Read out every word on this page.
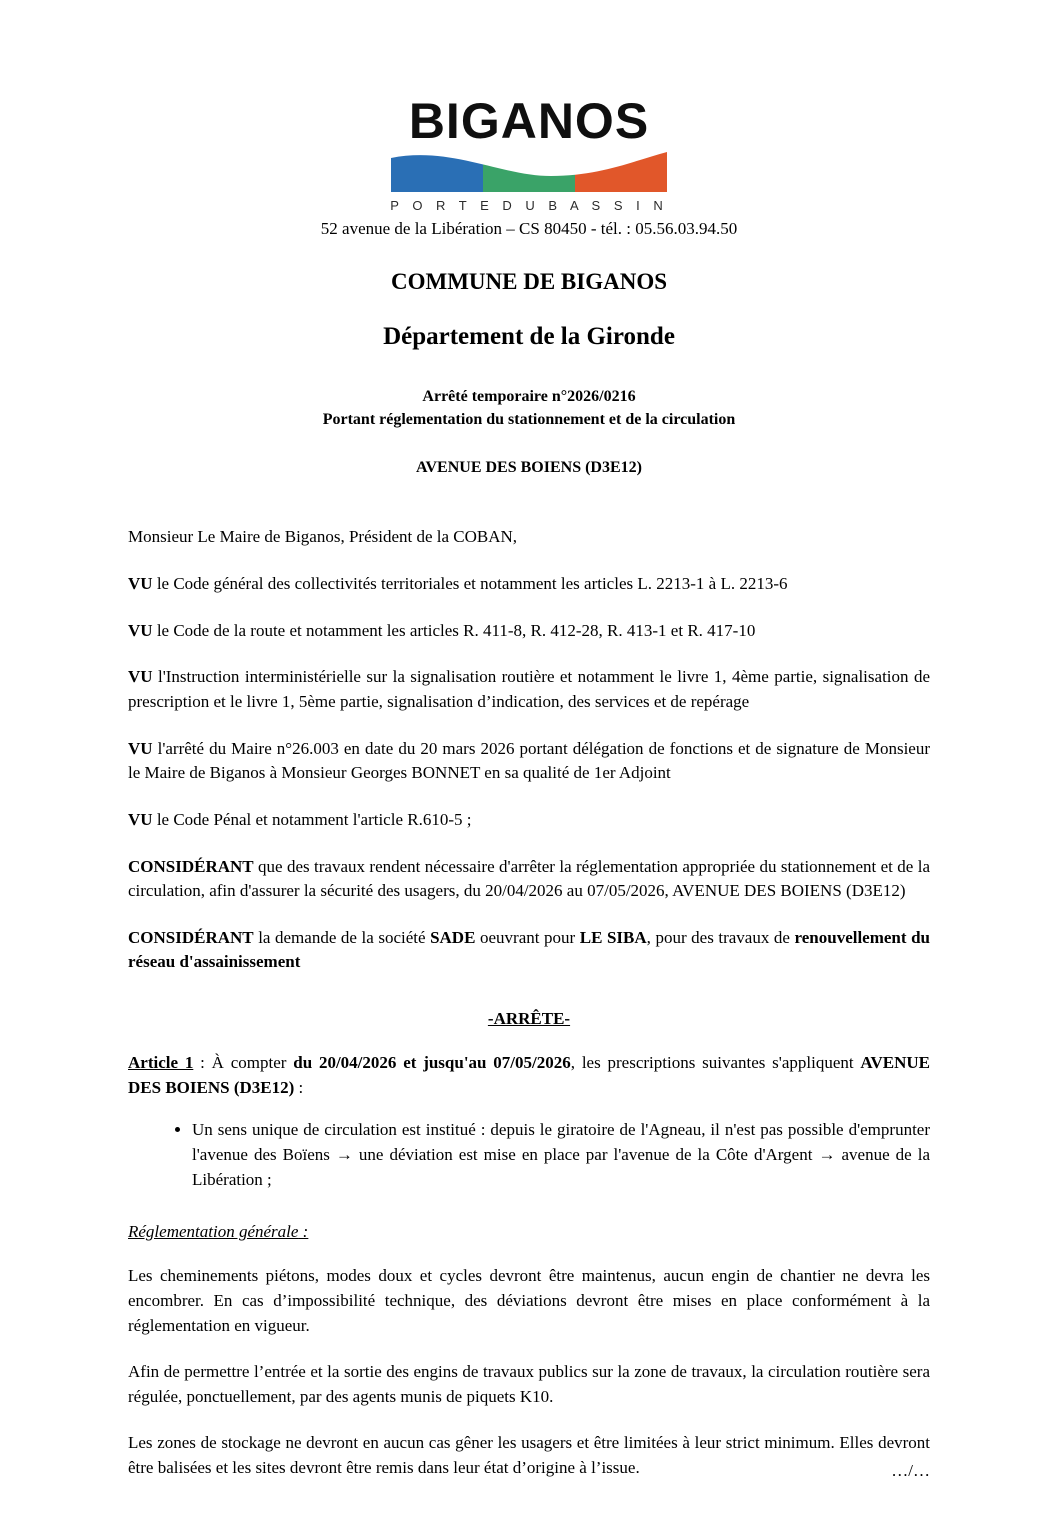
BIGANOS
P O R T E D U B A S S I N
52 avenue de la Libération – CS 80450 - tél. : 05.56.03.94.50
COMMUNE DE BIGANOS
Département de la Gironde
Arrêté temporaire n°2026/0216
Portant réglementation du stationnement et de la circulation
AVENUE DES BOIENS (D3E12)

Monsieur Le Maire de Biganos, Président de la COBAN,

VU le Code général des collectivités territoriales et notamment les articles L. 2213-1 à L. 2213-6

VU le Code de la route et notamment les articles R. 411-8, R. 412-28, R. 413-1 et R. 417-10

VU l'Instruction interministérielle sur la signalisation routière et notamment le livre 1, 4ème partie, signalisation de prescription et le livre 1, 5ème partie, signalisation d’indication, des services et de repérage

VU l'arrêté du Maire n°26.003 en date du 20 mars 2026 portant délégation de fonctions et de signature de Monsieur le Maire de Biganos à Monsieur Georges BONNET en sa qualité de 1er Adjoint

VU le Code Pénal et notamment l'article R.610-5 ;

CONSIDÉRANT que des travaux rendent nécessaire d'arrêter la réglementation appropriée du stationnement et de la circulation, afin d'assurer la sécurité des usagers, du 20/04/2026 au 07/05/2026, AVENUE DES BOIENS (D3E12)

CONSIDÉRANT la demande de la société SADE oeuvrant pour LE SIBA, pour des travaux de renouvellement du réseau d'assainissement

-ARRÊTE-

Article 1 : À compter du 20/04/2026 et jusqu'au 07/05/2026, les prescriptions suivantes s'appliquent AVENUE DES BOIENS (D3E12) :

• Un sens unique de circulation est institué : depuis le giratoire de l'Agneau, il n'est pas possible d'emprunter l'avenue des Boïens → une déviation est mise en place par l'avenue de la Côte d'Argent → avenue de la Libération ;
Réglementation générale :

Les cheminements piétons, modes doux et cycles devront être maintenus, aucun engin de chantier ne devra les encombrer. En cas d’impossibilité technique, des déviations devront être mises en place conformément à la réglementation en vigueur.

Afin de permettre l’entrée et la sortie des engins de travaux publics sur la zone de travaux, la circulation routière sera régulée, ponctuellement, par des agents munis de piquets K10.

Les zones de stockage ne devront en aucun cas gêner les usagers et être limitées à leur strict minimum. Elles devront être balisées et les sites devront être remis dans leur état d’origine à l’issue.	…/…
